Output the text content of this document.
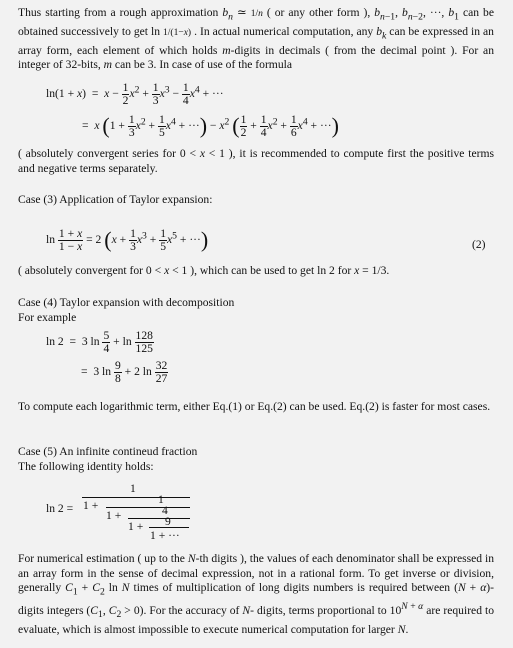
Thus starting from a rough approximation $b_n$ ≃ 1/n ( or any other form ), $b_{n-1}$, $b_{n-2}$, ···, $b_1$ can be obtained successively to get ln 1/(1−x) . In actual numerical computation, any $b_k$ can be expressed in an array form, each element of which holds m-digits in decimals ( from the decimal point ). For an integer of 32-bits, m can be 3. In case of use of the formula
$\ln(1 + x) = x - \frac{1}{2} x^2 + \frac{1}{3} x^3 - \frac{1}{4} x^4$ + ···
=  x ($1 + \frac{1}{3} x^2 + \frac{1}{5} x^4$ + ···) − $x^2$ ( $\frac{1}{2} + \frac{1}{4} x^2 + \frac{1}{6} x^4$ + ···)
( absolutely convergent series for 0 < x < 1 ), it is recommended to compute first the positive terms and negative terms separately.
Case (3) Application of Taylor expansion:
$\ln \frac{1 + x}{1 - x} = 2$ ($x + \frac{1}{3} x^3 + \frac{1}{5} x^5$ + ···)	(2)
( absolutely convergent for 0 < x < 1 ), which can be used to get ln 2 for x = 1/3.
Case (4) Taylor expansion with decomposition
For example
ln 2  =  3 $\ln \frac{5}{4} + \ln \frac{128}{125}$
=  3 $\ln \frac{9}{8} + 2$ $\ln \frac{32}{27}$
To compute each logarithmic term, either Eq.(1) or Eq.(2) can be used. Eq.(2) is faster for most cases.
Case (5) An infinite contineud fraction
The following identity holds:
ln 2 =
1
1 +	1
1 +	4
1 + 9
1 + ···
For numerical estimation ( up to the N-th digits ), the values of each denominator shall be expressed in an array form in the sense of decimal expression, not in a rational form. To get inverse or division, generally $C_1 + C_2$ ln N times of multiplication of long digits numbers is required between (N + α)-digits integers ($C_1$, $C_2 > 0$). For the accuracy of N- digits, terms proportional to $10^{N + \alpha}$ are required to evaluate, which is almost impossible to execute numerical computation for larger N.
